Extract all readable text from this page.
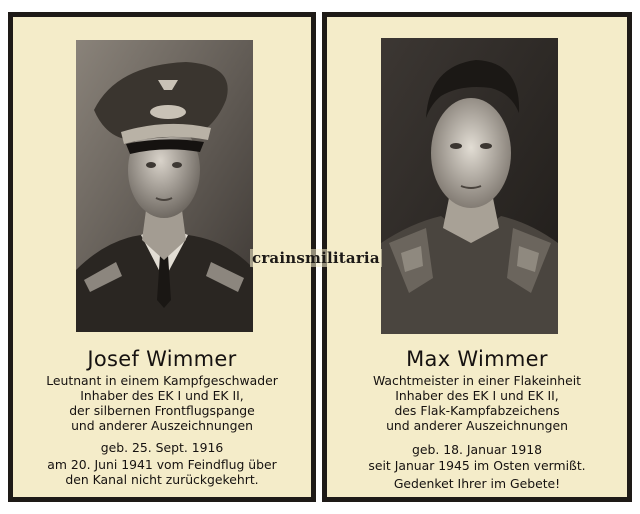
Josef Wimmer
Leutnant in einem Kampfgeschwader
Inhaber des EK I und EK II,
der silbernen Frontflugspange
und anderer Auszeichnungen
geb. 25. Sept. 1916
am 20. Juni 1941 vom Feindflug über
den Kanal nicht zurückgekehrt.
Max Wimmer
Wachtmeister in einer Flakeinheit
Inhaber des EK I und EK II,
des Flak-Kampfabzeichens
und anderer Auszeichnungen
geb. 18. Januar 1918
seit Januar 1945 im Osten vermißt.
Gedenket Ihrer im Gebete!
crainsmilitaria
